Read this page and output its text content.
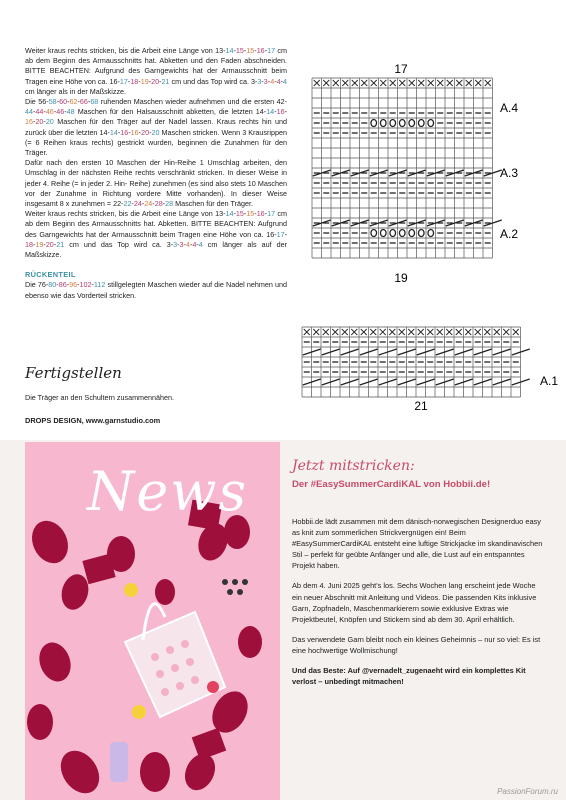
Weiter kraus rechts stricken, bis die Arbeit eine Länge von 13-14-15-15-16-17 cm ab dem Beginn des Armausschnitts hat. Abketten und den Faden abschneiden. BITTE BEACHTEN: Aufgrund des Garngewichts hat der Armausschnitt beim Tragen eine Höhe von ca. 16-17-18-19-20-21 cm und das Top wird ca. 3-3-3-4-4-4 cm länger als in der Maßskizze.

Die 56-58-60-62-66-68 ruhenden Maschen wieder aufnehmen und die ersten 42-44-44-46-46-48 Maschen für den Halsausschnitt abketten, die letzten 14-14-16-16-20-20 Maschen für den Träger auf der Nadel lassen. Kraus rechts hin und zurück über die letzten 14-14-16-16-20-20 Maschen stricken. Wenn 3 Krausrippen (= 6 Reihen kraus rechts) gestrickt wurden, beginnen die Zunahmen für den Träger.

Dafür nach den ersten 10 Maschen der Hin-Reihe 1 Umschlag arbeiten, den Umschlag in der nächsten Reihe rechts verschränkt stricken. In dieser Weise in jeder 4. Reihe (= in jeder 2. Hin- Reihe) zunehmen (es sind also stets 10 Maschen vor der Zunahme in Richtung vordere Mitte vorhanden). In dieser Weise insgesamt 8 x zunehmen = 22-22-24-24-28-28 Maschen für den Träger.

Weiter kraus rechts stricken, bis die Arbeit eine Länge von 13-14-15-15-16-17 cm ab dem Beginn des Armausschnitts hat. Abketten. BITTE BEACHTEN: Aufgrund des Garngewichts hat der Armausschnitt beim Tragen eine Höhe von ca. 16-17-18-19-20-21 cm und das Top wird ca. 3-3-3-4-4-4 cm länger als auf der Maßskizze.

RÜCKENTEIL

Die 76-80-86-96-102-112 stillgelegten Maschen wieder auf die Nadel nehmen und ebenso wie das Vorderteil stricken.

Fertigstellen
Die Träger an den Schultern zusammennähen.
DROPS DESIGN, www.garnstudio.com
17
19
21
A.4
A.3
A.2
A.1
News	Jetzt mitstricken:

Der #EasySummerCardiKAL von Hobbii.de!

Hobbii.de lädt zusammen mit dem dänisch-norwegischen Designerduo easy as knit zum sommerlichen Strickvergnügen ein! Beim #EasySummerCardiKAL entsteht eine luftige Strickjacke im skandinavischen Stil – perfekt für geübte Anfänger und alle, die Lust auf ein entspanntes Projekt haben.

Ab dem 4. Juni 2025 geht's los. Sechs Wochen lang erscheint jede Woche ein neuer Abschnitt mit Anleitung und Videos. Die passenden Kits inklusive Garn, Zopfnadeln, Maschenmarkierern sowie exklusive Extras wie Projektbeutel, Knöpfen und Stickern sind ab dem 30. April erhältlich.

Das verwendete Garn bleibt noch ein kleines Geheimnis – nur so viel: Es ist eine hochwertige Wollmischung!

Und das Beste: Auf @vernadelt_zugenaeht wird ein komplettes Kit verlost – unbedingt mitmachen!

PassionForum.ru
